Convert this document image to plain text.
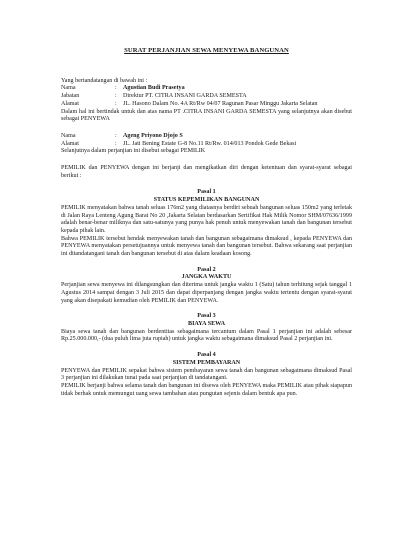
SURAT PERJANJIAN SEWA MENYEWA BANGUNAN

Yang bertandatangan di bawah ini :

Nama	:	Agustian Budi Prasetya
Jabatan	:	Direktur PT. CITRA INSANI GARDA SEMESTA
Alamat	:	JL. Hasono Dalam No. 4A Rt/Rw 04/07 Ragunan Pasar Minggu Jakarta Selatan

Dalam hal ini bertindak untuk dan atas nama PT .CITRA INSANI GARDA SEMESTA yang selanjutnya akan disebut sebagai PENYEWA

Nama	:	Ageng Priyono Djojo S
Alamat	:	JL. Jati Bening Estate G-8 No.11 Rt/Rw. 014/013 Pondok Gede Bekasi

Selanjutnya dalam perjanjian ini disebut sebagai PEMILIK

PEMILIK dan PENYEWA dengan ini berjanji dan mengikatkan diri dengan ketentuan dan syarat-syarat sebagai berikut :

Pasal 1

STATUS KEPEMILIKAN BANGUNAN

PEMILIK menyatakan bahwa tanah seluas 176m2 yang diatasnya berdiri sebuah bangunan seluas 150m2 yang terletak di Jalan Raya Lenteng Agung Barat No 20 ,Jakarta Selatan berdasarkan Sertifikat Hak Milik Nomor SHM/07636/1999 adalah benar-benar miliknya dan satu-satunya yang punya hak penuh untuk menyewakan tanah dan bangunan tersebut kepada pihak lain.

Bahwa PEMILIK tersebut hendak menyewakan tanah dan bangunan sebagaimana dimaksud , kepada PENYEWA dan PENYEWA menyatakan persetujuannya untuk menyewa tanah dan bangunan tersebut. Bahwa sekarang saat perjanjian ini ditandatangani tanah dan bangunan tersebut di atas dalam keadaan kosong.

Pasal 2

JANGKA WAKTU

Perjanjian sewa menyewa ini dilangsungkan dan diterima untuk jangka waktu 1 (Satu) tahun terhitung sejak tanggal 1 Agustus 2014 sampai dengan 3 Juli 2015 dan dapat diperpanjang dengan jangka waktu tertentu dengan syarat-syarat yang akan disepakati kemudian oleh PEMILIK dan PENYEWA.

Pasal 3

BIAYA SEWA

Biaya sewa tanah dan bangunan berdentitas sebagaimana tercantum dalam Pasal 1 perjanjian ini adalah sebesar Rp.25.000.000,- (dua puluh lima juta rupiah) untuk jangka waktu sebagaimana dimaksud Pasal 2 perjanjian ini.

Pasal 4

SISTEM PEMBAYARAN

PENYEWA dan PEMILIK sepakat bahwa sistem pembayaran sewa tanah dan bangunan sebagaimana dimaksud Pasal 3 perjanjian ini dilakukan tunai pada saat perjanjian di tandatangani.

PEMILIK berjanji bahwa selama tanah dan bangunan ini disewa oleh PENYEWA maka PEMILIK atau pihak siapapun tidak berhak untuk memungut uang sewa tambahan atau pungutan sejenis dalam bentuk apa pun.
